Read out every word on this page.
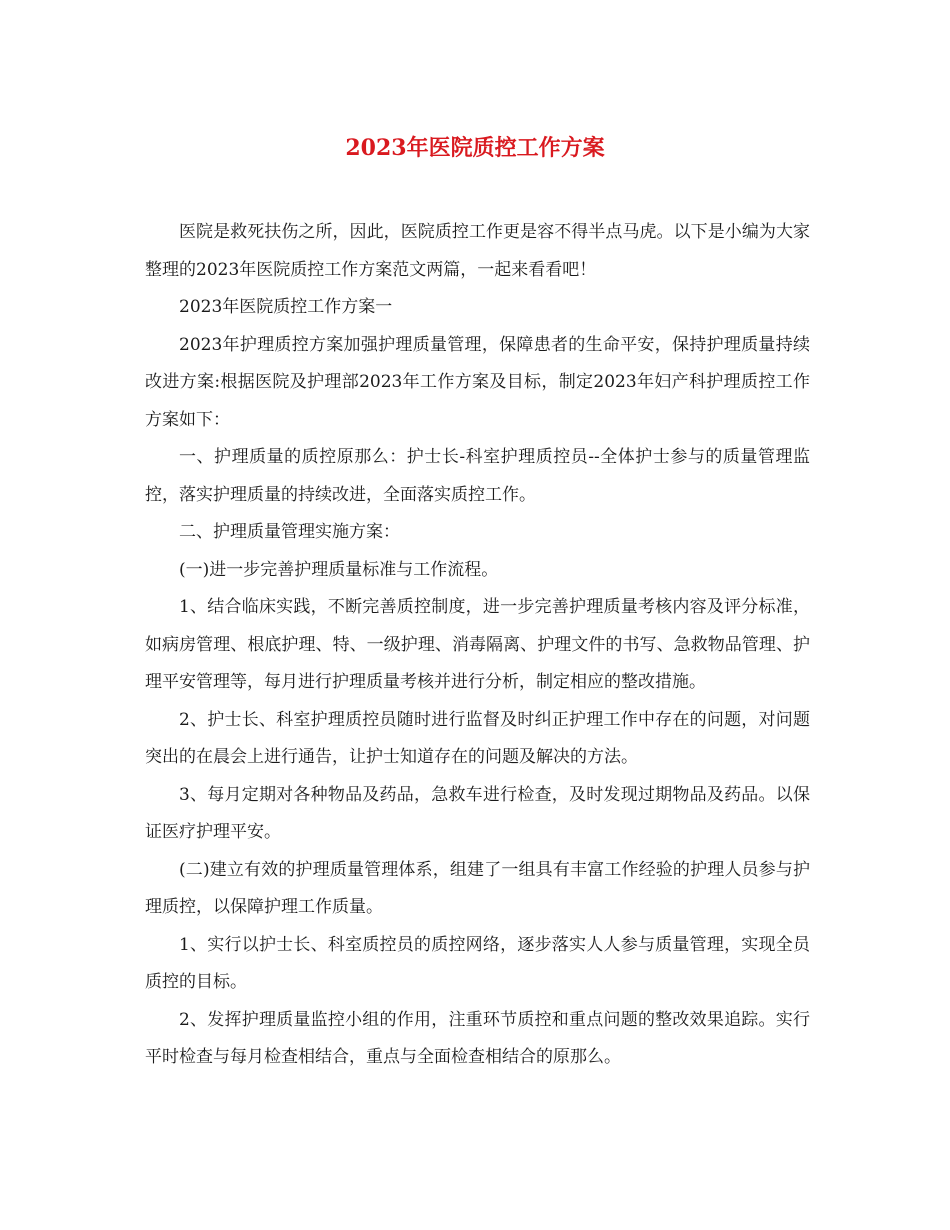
2023年医院质控工作方案

医院是救死扶伤之所，因此，医院质控工作更是容不得半点马虎。以下是小编为大家整理的2023年医院质控工作方案范文两篇，一起来看看吧！

2023年医院质控工作方案一

2023年护理质控方案加强护理质量管理，保障患者的生命平安，保持护理质量持续改进方案:根据医院及护理部2023年工作方案及目标，制定2023年妇产科护理质控工作方案如下：

一、护理质量的质控原那么：护士长-科室护理质控员--全体护士参与的质量管理监控，落实护理质量的持续改进，全面落实质控工作。

二、护理质量管理实施方案：

(一)进一步完善护理质量标准与工作流程。

1、结合临床实践，不断完善质控制度，进一步完善护理质量考核内容及评分标准，如病房管理、根底护理、特、一级护理、消毒隔离、护理文件的书写、急救物品管理、护理平安管理等，每月进行护理质量考核并进行分析，制定相应的整改措施。

2、护士长、科室护理质控员随时进行监督及时纠正护理工作中存在的问题，对问题突出的在晨会上进行通告，让护士知道存在的问题及解决的方法。

3、每月定期对各种物品及药品，急救车进行检查，及时发现过期物品及药品。以保证医疗护理平安。

(二)建立有效的护理质量管理体系，组建了一组具有丰富工作经验的护理人员参与护理质控，以保障护理工作质量。

1、实行以护士长、科室质控员的质控网络，逐步落实人人参与质量管理，实现全员质控的目标。

2、发挥护理质量监控小组的作用，注重环节质控和重点问题的整改效果追踪。实行平时检查与每月检查相结合，重点与全面检查相结合的原那么。
